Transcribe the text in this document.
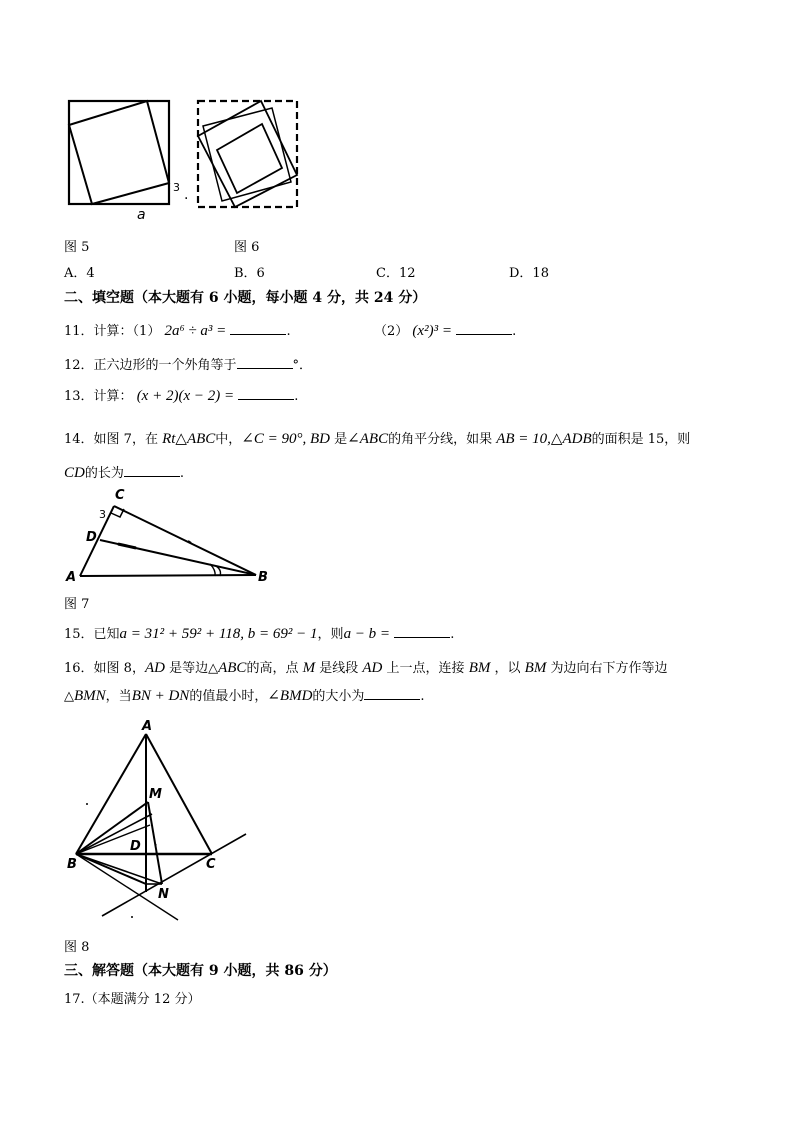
3 .
a
图 5	图 6
A．4	B．6	C．12	D．18
二、填空题（本大题有 6 小题，每小题 4 分，共 24 分）
11．计算：（1） 2a⁶ ÷ a³ =	.	（2） (x²)³ =	.
12．正六边形的一个外角等于	°．
13．计算： (x + 2)(x − 2) =	.
14．如图 7，在 Rt△ABC中，∠C = 90°, BD 是∠ABC的角平分线，如果 AB = 10,△ADB的面积是 15，则
CD的长为	.
C
3
D
A	B
图 7
15．已知a = 31² + 59² + 118, b = 69² − 1，则a − b =	.
16．如图 8，AD 是等边△ABC的高，点 M 是线段 AD 上一点，连接 BM ，以 BM 为边向右下方作等边
△BMN，当BN + DN的值最小时，∠BMD的大小为	.
A
M
D
B	C
N
图 8
三、解答题（本大题有 9 小题，共 86 分）
17.（本题满分 12 分）
